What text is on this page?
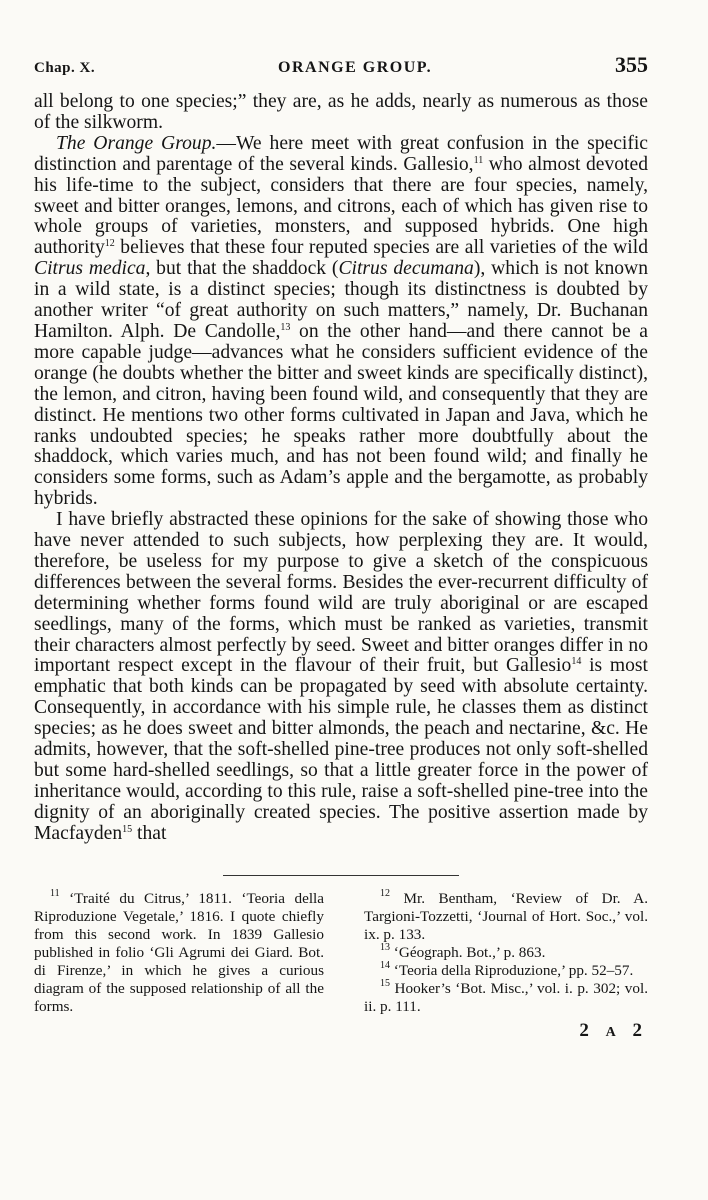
Chap. X.	ORANGE GROUP.	355

all belong to one species;” they are, as he adds, nearly as numerous as those of the silkworm.

The Orange Group.—We here meet with great confusion in the specific distinction and parentage of the several kinds. Gallesio,$^{11}$ who almost devoted his life-time to the subject, considers that there are four species, namely, sweet and bitter oranges, lemons, and citrons, each of which has given rise to whole groups of varieties, monsters, and supposed hybrids. One high authority$^{12}$ believes that these four reputed species are all varieties of the wild Citrus medica, but that the shaddock (Citrus decumana), which is not known in a wild state, is a distinct species; though its distinctness is doubted by another writer “of great authority on such matters,” namely, Dr. Buchanan Hamilton. Alph. De Candolle,$^{13}$ on the other hand—and there cannot be a more capable judge—advances what he considers sufficient evidence of the orange (he doubts whether the bitter and sweet kinds are specifically distinct), the lemon, and citron, having been found wild, and consequently that they are distinct. He mentions two other forms cultivated in Japan and Java, which he ranks undoubted species; he speaks rather more doubtfully about the shaddock, which varies much, and has not been found wild; and finally he considers some forms, such as Adam’s apple and the bergamotte, as probably hybrids.

I have briefly abstracted these opinions for the sake of showing those who have never attended to such subjects, how perplexing they are. It would, therefore, be useless for my purpose to give a sketch of the conspicuous differences between the several forms. Besides the ever-recurrent difficulty of determining whether forms found wild are truly aboriginal or are escaped seedlings, many of the forms, which must be ranked as varieties, transmit their characters almost perfectly by seed. Sweet and bitter oranges differ in no important respect except in the flavour of their fruit, but Gallesio$^{14}$ is most emphatic that both kinds can be propagated by seed with absolute certainty. Consequently, in accordance with his simple rule, he classes them as distinct species; as he does sweet and bitter almonds, the peach and nectarine, &c. He admits, however, that the soft-shelled pine-tree produces not only soft-shelled but some hard-shelled seedlings, so that a little greater force in the power of inheritance would, according to this rule, raise a soft-shelled pine-tree into the dignity of an aboriginally created species. The positive assertion made by Macfayden$^{15}$ that

$^{11}$ ‘Traité du Citrus,’ 1811. ‘Teoria della Riproduzione Vegetale,’ 1816. I quote chiefly from this second work. In 1839 Gallesio published in folio ‘Gli Agrumi dei Giard. Bot. di Firenze,’ in which he gives a curious diagram of the supposed relationship of all the forms.
$^{12}$ Mr. Bentham, ‘Review of Dr. A. Targioni-Tozzetti, ‘Journal of Hort. Soc.,’ vol. ix. p. 133.
$^{13}$ ‘Géograph. Bot.,’ p. 863.
$^{14}$ ‘Teoria della Riproduzione,’ pp. 52–57.
$^{15}$ Hooker’s ‘Bot. Misc.,’ vol. i. p. 302; vol. ii. p. 111.
2 A 2
